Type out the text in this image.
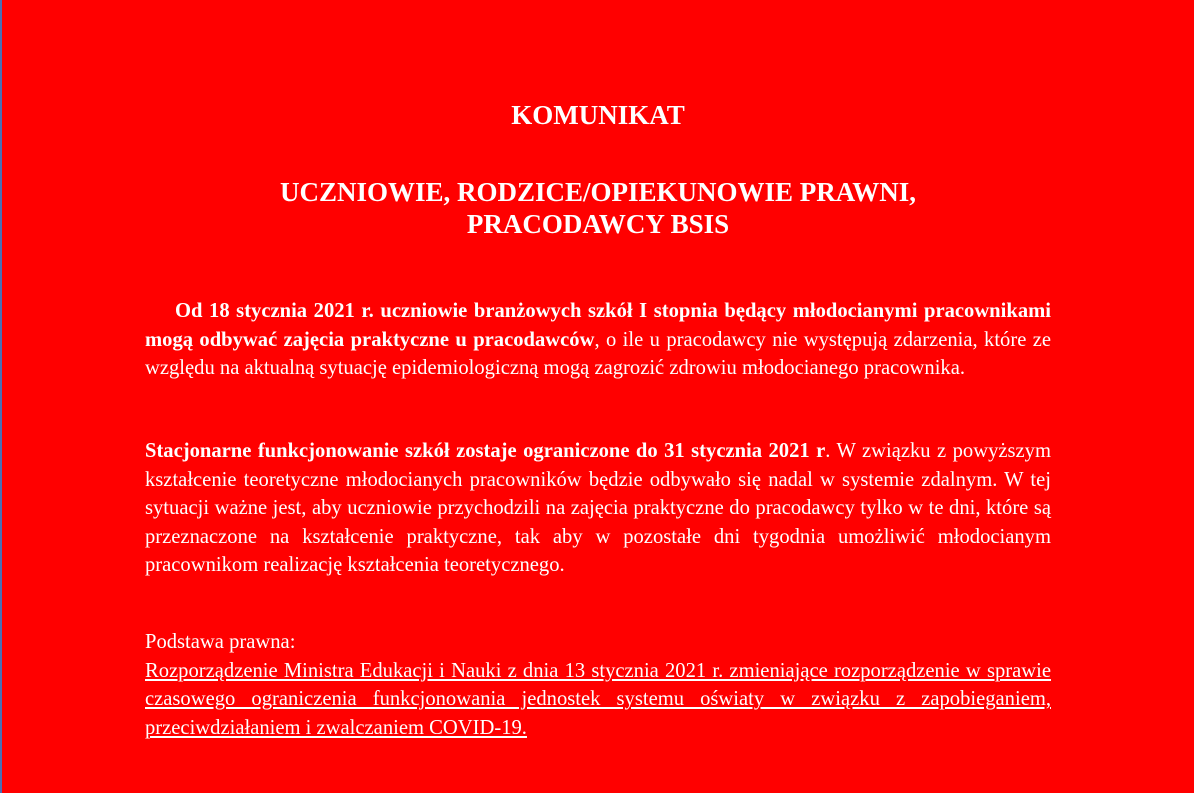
KOMUNIKAT
UCZNIOWIE, RODZICE/OPIEKUNOWIE PRAWNI,
PRACODAWCY BSIS

Od 18 stycznia 2021 r. uczniowie branżowych szkół I stopnia będący młodocianymi pracownikami mogą odbywać zajęcia praktyczne u pracodawców, o ile u pracodawcy nie występują zdarzenia, które ze względu na aktualną sytuację epidemiologiczną mogą zagrozić zdrowiu młodocianego pracownika.

Stacjonarne funkcjonowanie szkół zostaje ograniczone do 31 stycznia 2021 r. W związku z powyższym kształcenie teoretyczne młodocianych pracowników będzie odbywało się nadal w systemie zdalnym. W tej sytuacji ważne jest, aby uczniowie przychodzili na zajęcia praktyczne do pracodawcy tylko w te dni, które są przeznaczone na kształcenie praktyczne, tak aby w pozostałe dni tygodnia umożliwić młodocianym pracownikom realizację kształcenia teoretycznego.

Podstawa prawna:
Rozporządzenie Ministra Edukacji i Nauki z dnia 13 stycznia 2021 r. zmieniające rozporządzenie w sprawie czasowego ograniczenia funkcjonowania jednostek systemu oświaty w związku z zapobieganiem, przeciwdziałaniem i zwalczaniem COVID-19.
